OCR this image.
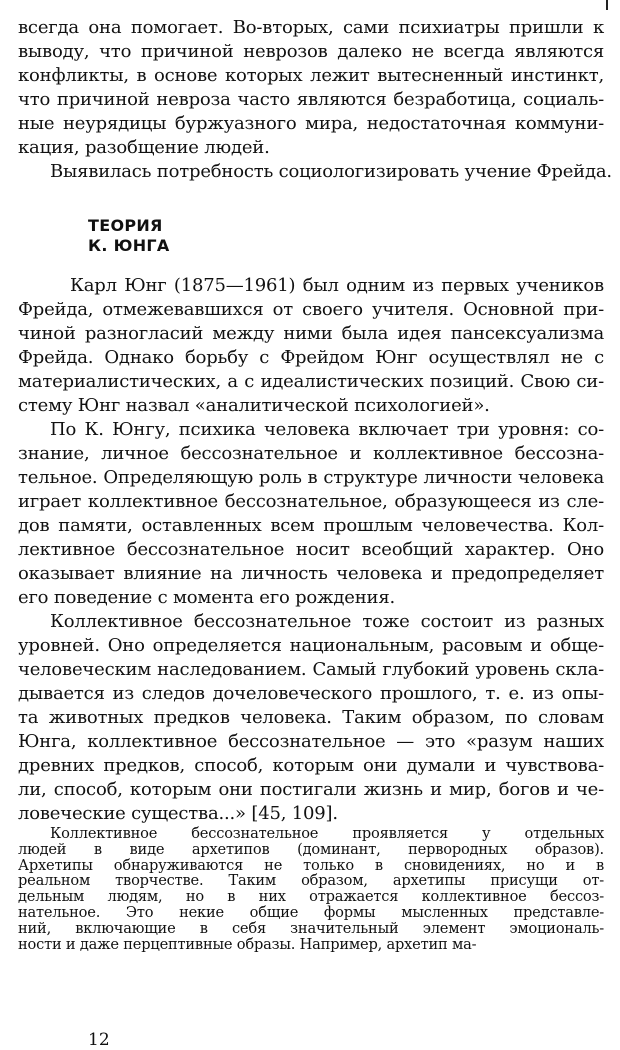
всегда она помогает. Во-вторых, сами психиатры пришли к
выводу, что причиной неврозов далеко не всегда являются
конфликты, в основе которых лежит вытесненный инстинкт,
что причиной невроза часто являются безработица, социаль-
ные неурядицы буржуазного мира, недостаточная коммуни-
кация, разобщение людей.
Выявилась потребность социологизировать учение Фрейда.
ТЕОРИЯ
К. ЮНГА
Карл Юнг (1875—1961) был одним из первых учеников
Фрейда, отмежевавшихся от своего учителя. Основной при-
чиной разногласий между ними была идея пансексуализма
Фрейда. Однако борьбу с Фрейдом Юнг осуществлял не с
материалистических, а с идеалистических позиций. Свою си-
стему Юнг назвал «аналитической психологией».
По К. Юнгу, психика человека включает три уровня: со-
знание, личное бессознательное и коллективное бессозна-
тельное. Определяющую роль в структуре личности человека
играет коллективное бессознательное, образующееся из сле-
дов памяти, оставленных всем прошлым человечества. Кол-
лективное бессознательное носит всеобщий характер. Оно
оказывает влияние на личность человека и предопределяет
его поведение с момента его рождения.
Коллективное бессознательное тоже состоит из разных
уровней. Оно определяется национальным, расовым и обще-
человеческим наследованием. Самый глубокий уровень скла-
дывается из следов дочеловеческого прошлого, т. е. из опы-
та животных предков человека. Таким образом, по словам
Юнга, коллективное бессознательное — это «разум наших
древних предков, способ, которым они думали и чувствова-
ли, способ, которым они постигали жизнь и мир, богов и че-
ловеческие существа...» [45, 109].
Коллективное бессознательное проявляется у отдельных
людей в виде архетипов (доминант, первородных образов).
Архетипы обнаруживаются не только в сновидениях, но и в
реальном творчестве. Таким образом, архетипы присущи от-
дельным людям, но в них отражается коллективное бессоз-
нательное. Это некие общие формы мысленных представле-
ний, включающие в себя значительный элемент эмоциональ-
ности и даже перцептивные образы. Например, архетип ма-
12
